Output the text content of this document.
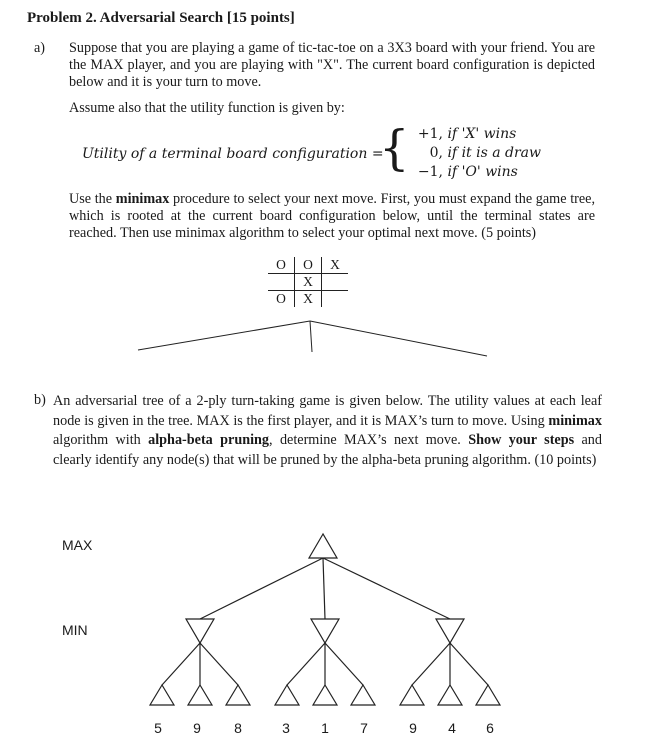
Problem 2. Adversarial Search [15 points]
a) Suppose that you are playing a game of tic-tac-toe on a 3X3 board with your friend. You are the MAX player, and you are playing with "X". The current board configuration is depicted below and it is your turn to move.
Assume also that the utility function is given by:
Utility of a terminal board configuration =
{ +1, if 'X' wins
0, if it is a draw
−1, if 'O' wins
Use the minimax procedure to select your next move. First, you must expand the game tree, which is rooted at the current board configuration below, until the terminal states are reached. Then use minimax algorithm to select your optimal next move. (5 points)
O	O	X
	X	
O	X	
b) An adversarial tree of a 2-ply turn-taking game is given below. The utility values at each leaf node is given in the tree. MAX is the first player, and it is MAX’s turn to move. Using minimax algorithm with alpha-beta pruning, determine MAX’s next move. Show your steps and clearly identify any node(s) that will be pruned by the alpha-beta pruning algorithm. (10 points)
MAX
MIN
5 9 8	3 1 7	9 4 6
